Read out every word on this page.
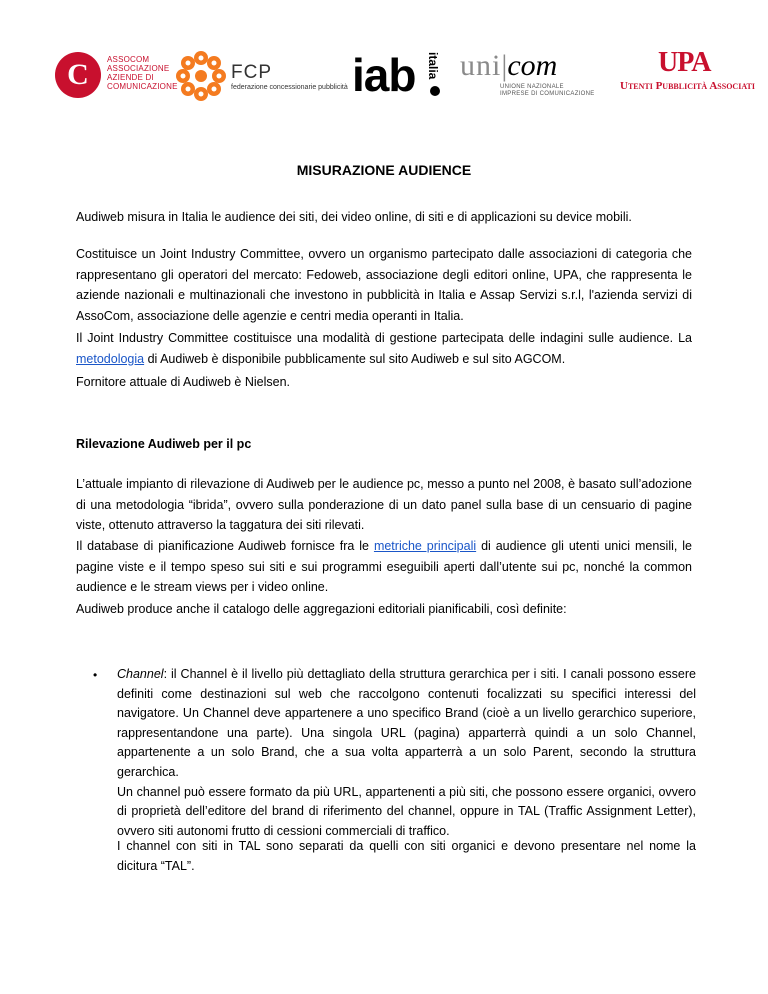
C	ASSOCOM
ASSOCIAZIONE
AZIENDE DI
COMUNICAZIONE
FCP
federazione concessionarie pubblicità iab italia uni|com
UNIONE NAZIONALE
IMPRESE DI COMUNICAZIONE
UPA
Utenti Pubblicità Associati
MISURAZIONE AUDIENCE
Audiweb misura in Italia le audience dei siti, dei video online, di siti e di applicazioni su device mobili.
Costituisce un Joint Industry Committee, ovvero un organismo partecipato dalle associazioni di categoria che rappresentano gli operatori del mercato: Fedoweb, associazione degli editori online, UPA, che rappresenta le aziende nazionali e multinazionali che investono in pubblicità in Italia e Assap Servizi s.r.l, l'azienda servizi di AssoCom, associazione delle agenzie e centri media operanti in Italia.
Il Joint Industry Committee costituisce una modalità di gestione partecipata delle indagini sulle audience. La metodologia di Audiweb è disponibile pubblicamente sul sito Audiweb e sul sito AGCOM.
Fornitore attuale di Audiweb è Nielsen.
Rilevazione Audiweb per il pc
L’attuale impianto di rilevazione di Audiweb per le audience pc, messo a punto nel 2008, è basato sull’adozione di una metodologia “ibrida”, ovvero sulla ponderazione di un dato panel sulla base di un censuario di pagine viste, ottenuto attraverso la taggatura dei siti rilevati.
Il database di pianificazione Audiweb fornisce fra le metriche principali di audience gli utenti unici mensili, le pagine viste e il tempo speso sui siti e sui programmi eseguibili aperti dall’utente sui pc, nonché la common audience e le stream views per i video online.
Audiweb produce anche il catalogo delle aggregazioni editoriali pianificabili, così definite:
• Channel: il Channel è il livello più dettagliato della struttura gerarchica per i siti. I canali possono essere definiti come destinazioni sul web che raccolgono contenuti focalizzati su specifici interessi del navigatore. Un Channel deve appartenere a uno specifico Brand (cioè a un livello gerarchico superiore, rappresentandone una parte). Una singola URL (pagina) apparterrà quindi a un solo Channel, appartenente a un solo Brand, che a sua volta apparterrà a un solo Parent, secondo la struttura gerarchica.
Un channel può essere formato da più URL, appartenenti a più siti, che possono essere organici, ovvero di proprietà dell’editore del brand di riferimento del channel, oppure in TAL (Traffic Assignment Letter), ovvero siti autonomi frutto di cessioni commerciali di traffico.
I channel con siti in TAL sono separati da quelli con siti organici e devono presentare nel nome la dicitura “TAL”.
